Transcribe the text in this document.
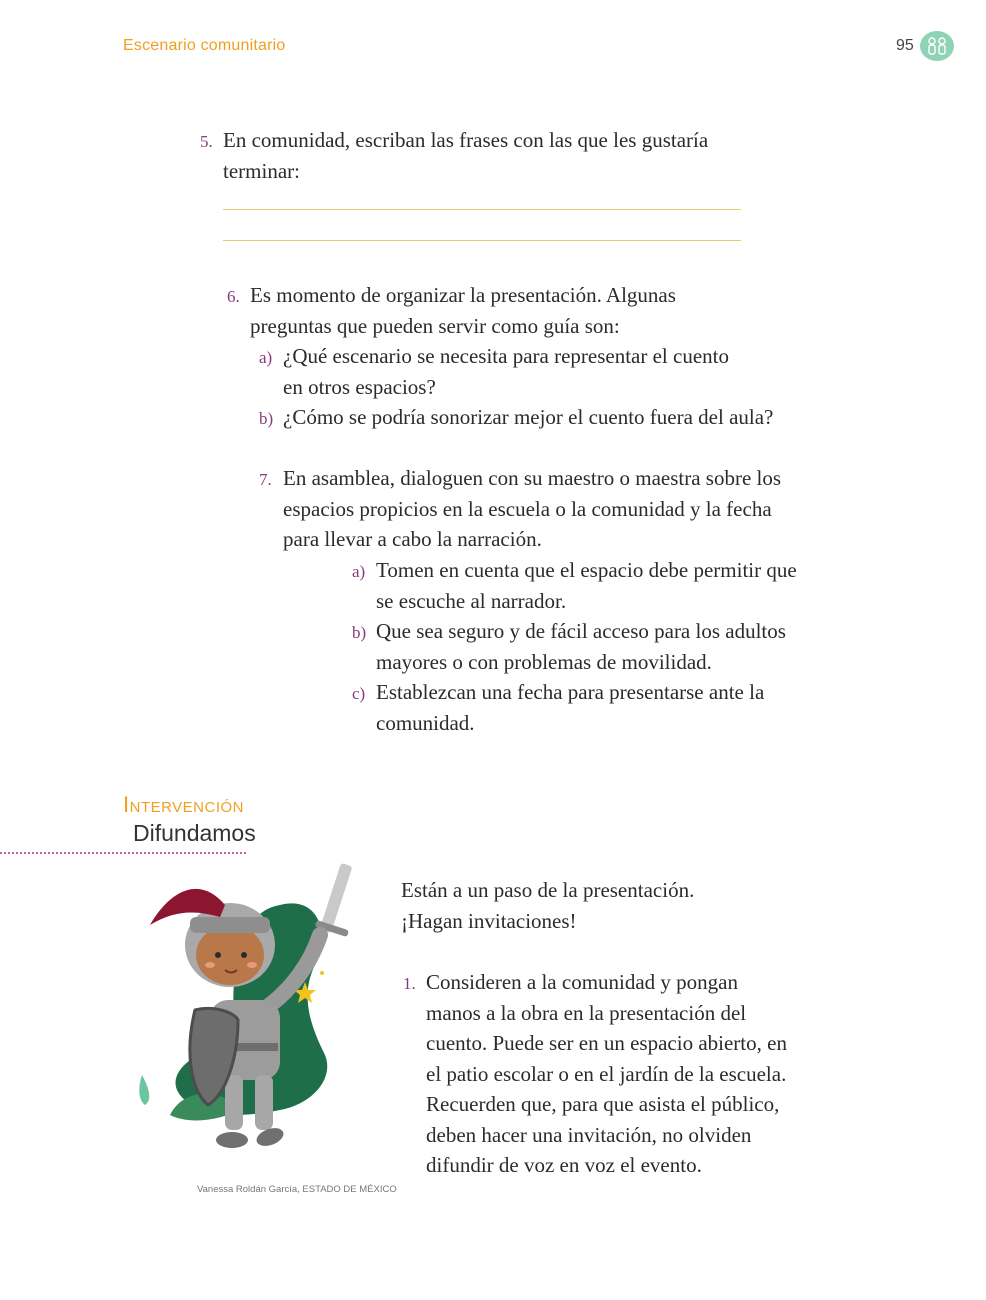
Escenario comunitario	95
5. En comunidad, escriban las frases con las que les gustaría
terminar:
6. Es momento de organizar la presentación. Algunas
preguntas que pueden servir como guía son:
a) ¿Qué escenario se necesita para representar el cuento
en otros espacios?
b) ¿Cómo se podría sonorizar mejor el cuento fuera del aula?
7. En asamblea, dialoguen con su maestro o maestra sobre los
espacios propicios en la escuela o la comunidad y la fecha
para llevar a cabo la narración.
a) Tomen en cuenta que el espacio debe permitir que
se escuche al narrador.
b) Que sea seguro y de fácil acceso para los adultos
mayores o con problemas de movilidad.
c) Establezcan una fecha para presentarse ante la
comunidad.
Intervención
Difundamos
Vanessa Roldán García, ESTADO DE MÉXICO
Están a un paso de la presentación.
¡Hagan invitaciones!
1. Consideren a la comunidad y pongan
manos a la obra en la presentación del
cuento. Puede ser en un espacio abierto, en
el patio escolar o en el jardín de la escuela.
Recuerden que, para que asista el público,
deben hacer una invitación, no olviden
difundir de voz en voz el evento.
